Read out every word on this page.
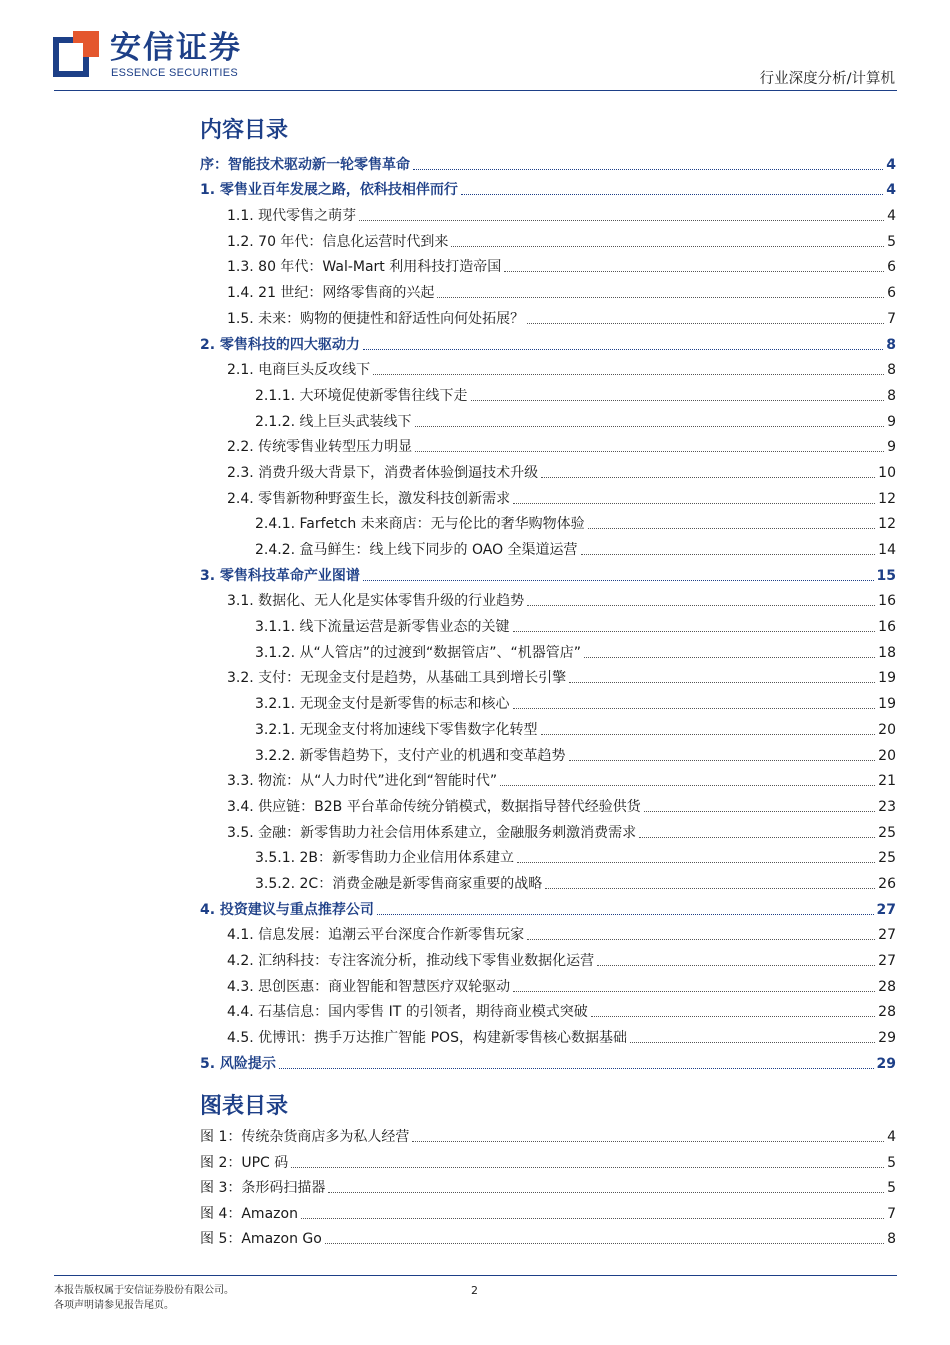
安信证券
ESSENCE SECURITIES	行业深度分析/计算机
内容目录
序：智能技术驱动新一轮零售革命	4
1. 零售业百年发展之路，依科技相伴而行	4
1.1. 现代零售之萌芽	4
1.2. 70 年代：信息化运营时代到来	5
1.3. 80 年代：Wal-Mart 利用科技打造帝国	6
1.4. 21 世纪：网络零售商的兴起	6
1.5. 未来：购物的便捷性和舒适性向何处拓展？	7
2. 零售科技的四大驱动力	8
2.1. 电商巨头反攻线下	8
2.1.1. 大环境促使新零售往线下走	8
2.1.2. 线上巨头武装线下	9
2.2. 传统零售业转型压力明显	9
2.3. 消费升级大背景下，消费者体验倒逼技术升级	10
2.4. 零售新物种野蛮生长，激发科技创新需求	12
2.4.1. Farfetch 未来商店：无与伦比的奢华购物体验	12
2.4.2. 盒马鲜生：线上线下同步的 OAO 全渠道运营	14
3. 零售科技革命产业图谱	15
3.1. 数据化、无人化是实体零售升级的行业趋势	16
3.1.1. 线下流量运营是新零售业态的关键	16
3.1.2. 从“人管店”的过渡到“数据管店”、“机器管店”	18
3.2. 支付：无现金支付是趋势，从基础工具到增长引擎	19
3.2.1. 无现金支付是新零售的标志和核心	19
3.2.1. 无现金支付将加速线下零售数字化转型	20
3.2.2. 新零售趋势下，支付产业的机遇和变革趋势	20
3.3. 物流：从“人力时代”进化到“智能时代”	21
3.4. 供应链：B2B 平台革命传统分销模式，数据指导替代经验供货	23
3.5. 金融：新零售助力社会信用体系建立，金融服务刺激消费需求	25
3.5.1. 2B：新零售助力企业信用体系建立	25
3.5.2. 2C：消费金融是新零售商家重要的战略	26
4. 投资建议与重点推荐公司	27
4.1. 信息发展：追潮云平台深度合作新零售玩家	27
4.2. 汇纳科技：专注客流分析，推动线下零售业数据化运营	27
4.3. 思创医惠：商业智能和智慧医疗双轮驱动	28
4.4. 石基信息：国内零售 IT 的引领者，期待商业模式突破	28
4.5. 优博讯：携手万达推广智能 POS，构建新零售核心数据基础	29
5. 风险提示	29
图表目录
图 1：传统杂货商店多为私人经营	4
图 2：UPC 码	5
图 3：条形码扫描器	5
图 4：Amazon	7
图 5：Amazon Go	8
本报告版权属于安信证券股份有限公司。
各项声明请参见报告尾页。
2
